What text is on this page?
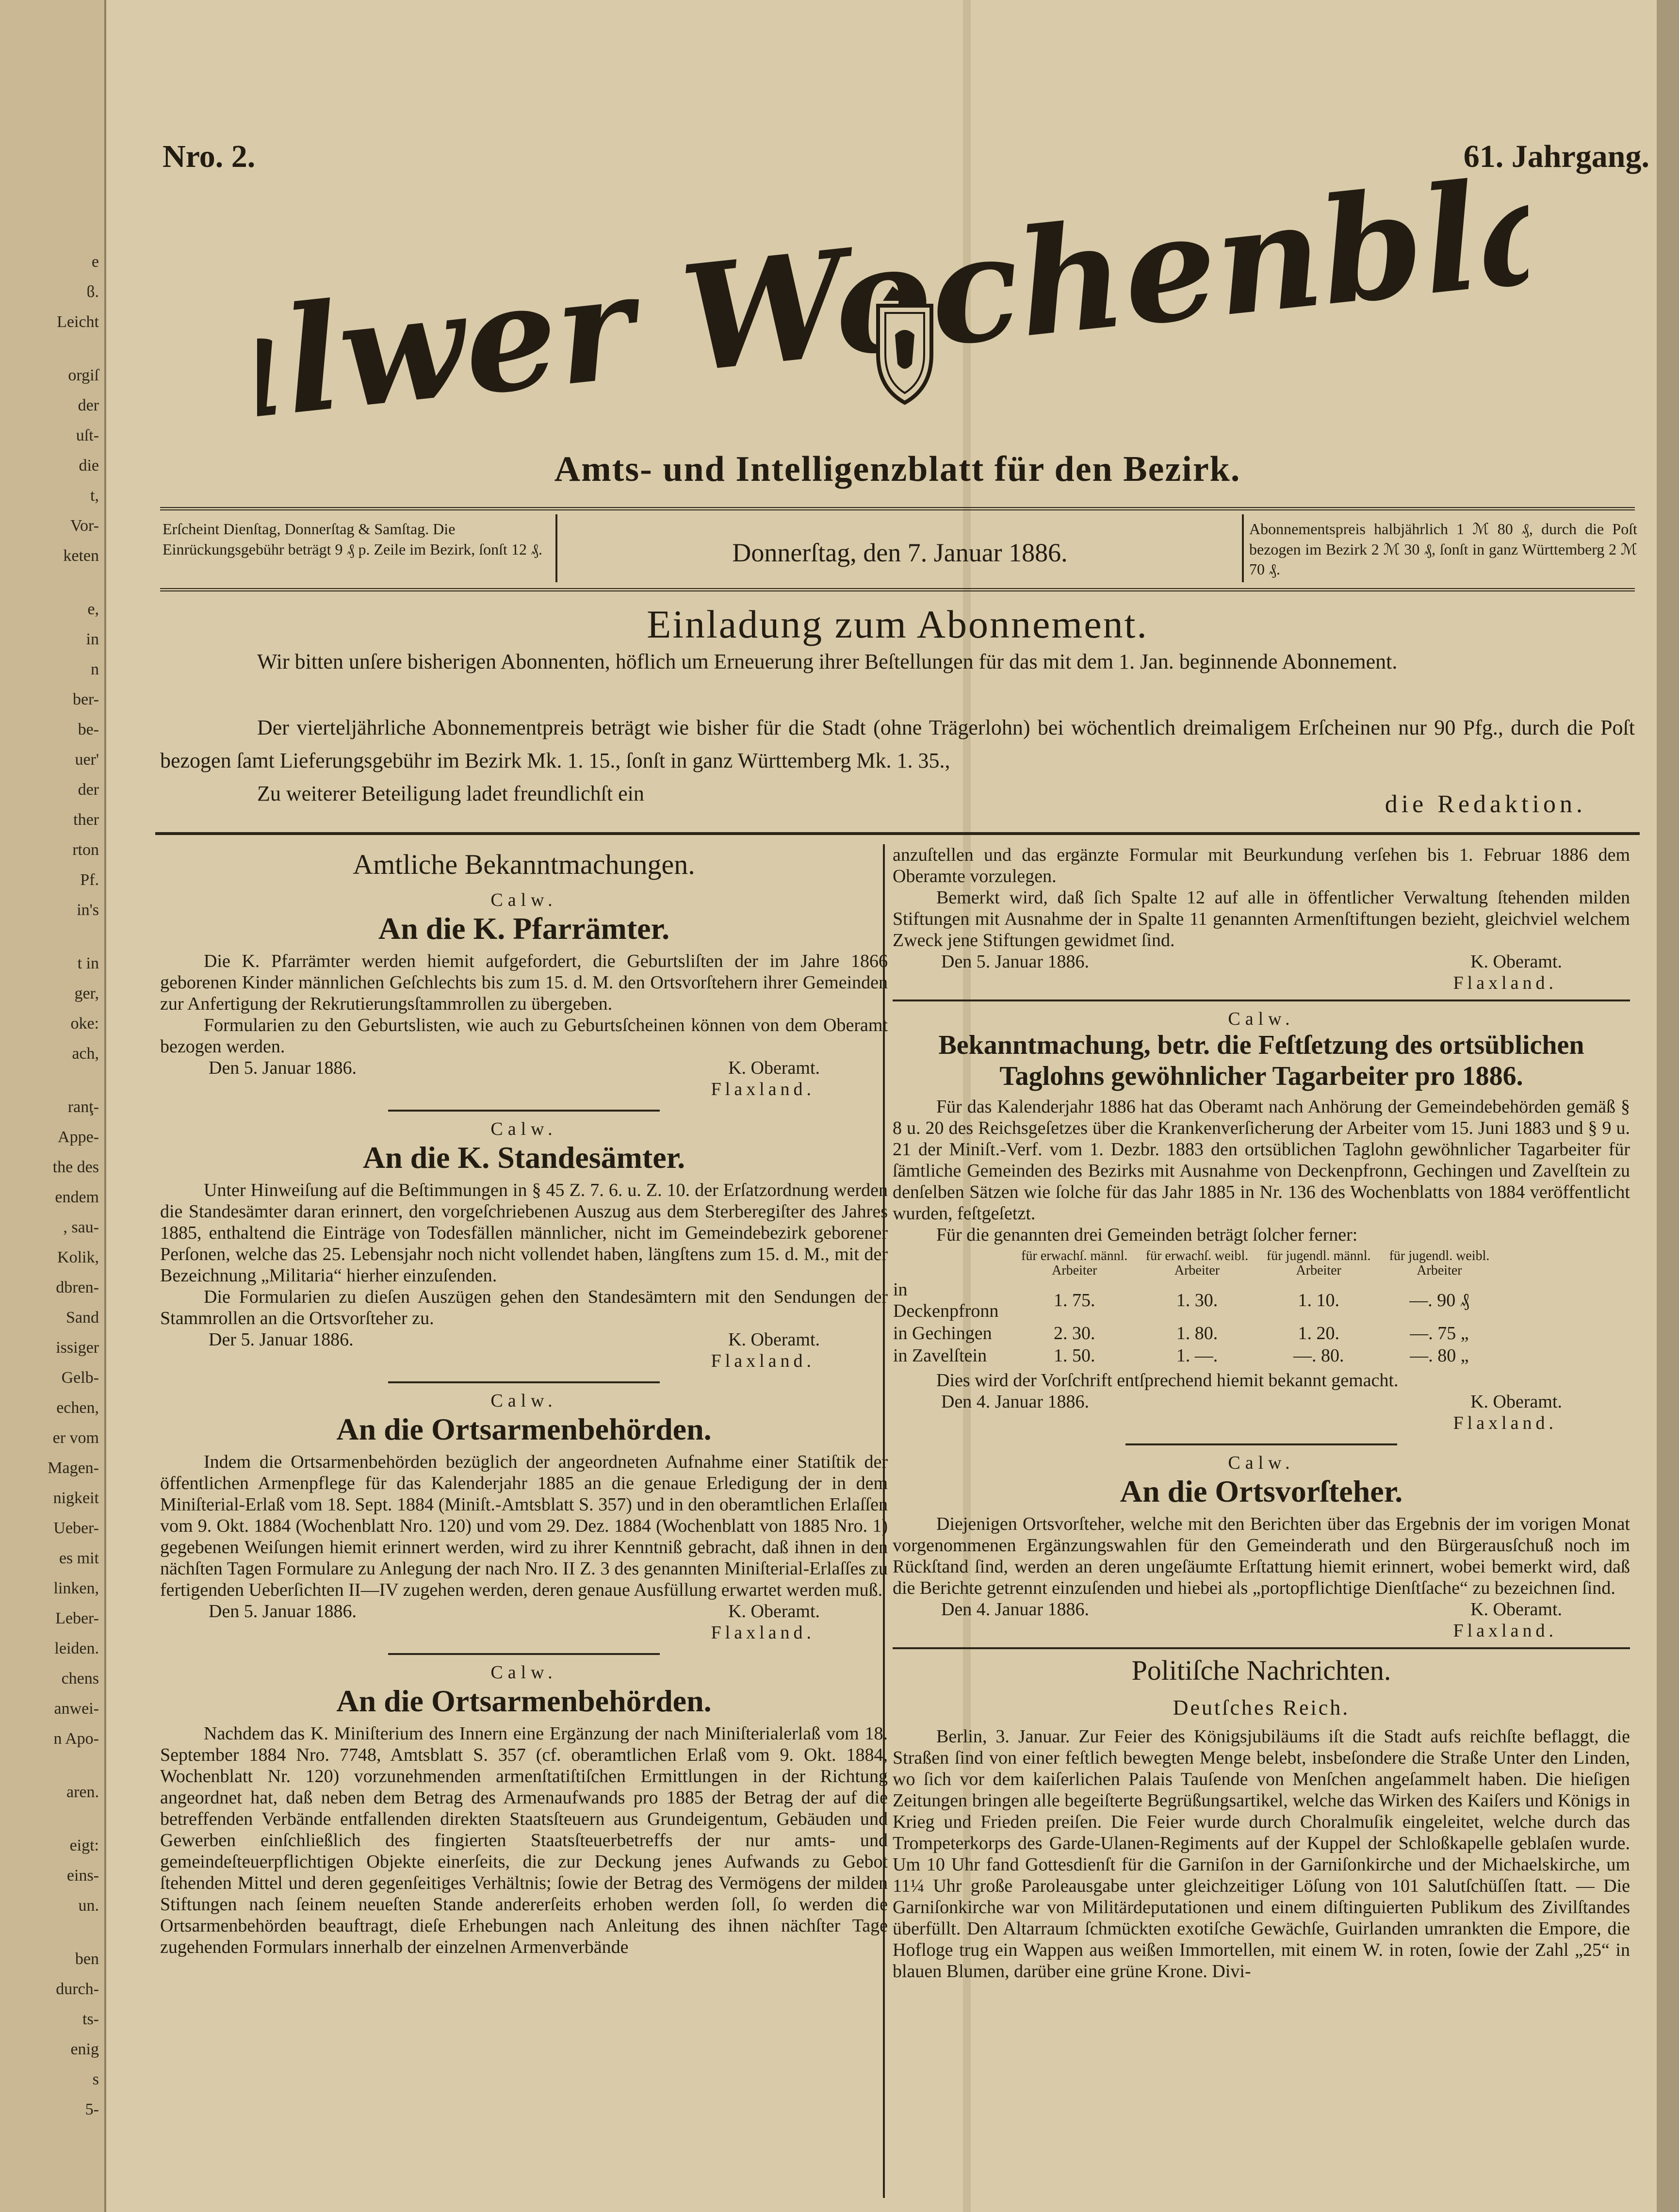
e
ϐ.
Leicht
orgiſ
der
uſt-
die
t,
Vor-
keten
e,
in
n
ber-
be-
uer'
der
ther
rton
Pf.
in's
t in
ger,
oke:
ach,
ranţ-
Appe-
the des
endem
, sau-
Kolik,
dbren-
Sand
issiger
Gelb-
echen,
er vom
Magen-
nigkeit
Ueber-
es mit
linken,
Leber-
leiden.
chens
anwei-
n Apo-
aren.
eigt:
eins-
un.
ben
durch-
ts-
enig
s
5-
Nro. 2.	61. Jahrgang.
Calwer Wochenblatt
Amts- und Intelligenzblatt für den Bezirk.
Erſcheint Dienſtag, Donnerſtag & Samſtag. Die Einrückungsgebühr beträgt 9 ₰ p. Zeile im Bezirk, ſonſt 12 ₰.	Donnerſtag, den 7. Januar 1886.
Abonnementspreis halbjährlich 1 ℳ 80 ₰, durch die Poſt bezogen im Bezirk 2 ℳ 30 ₰, ſonſt in ganz Württemberg 2 ℳ 70 ₰.
Einladung zum Abonnement.
Wir bitten unſere bisherigen Abonnenten, höflich um Erneuerung ihrer Beſtellungen für das mit dem 1. Jan. beginnende Abonnement.
Der vierteljährliche Abonnementpreis beträgt wie bisher für die Stadt (ohne Trägerlohn) bei wöchentlich dreimaligem Erſcheinen nur 90 Pfg., durch die Poſt bezogen ſamt Lieferungsgebühr im Bezirk Mk. 1. 15., ſonſt in ganz Württemberg Mk. 1. 35.,
Zu weiterer Beteiligung ladet freundlichſt ein	die Redaktion.
Amtliche Bekanntmachungen.
Calw.
An die K. Pfarrämter.

Die K. Pfarrämter werden hiemit aufgefordert, die Geburtsliſten der im Jahre 1866 geborenen Kinder männlichen Geſchlechts bis zum 15. d. M. den Ortsvorſtehern ihrer Gemeinden zur Anfertigung der Rekrutierungsſtammrollen zu übergeben.

Formularien zu den Geburtslisten, wie auch zu Geburtsſcheinen können von dem Oberamt bezogen werden.

Den 5. Januar 1886.	K. Oberamt.
Flaxland.
Calw.
An die K. Standesämter.

Unter Hinweiſung auf die Beſtimmungen in § 45 Z. 7. 6. u. Z. 10. der Erſatzordnung werden die Standesämter daran erinnert, den vorgeſchriebenen Auszug aus dem Sterberegiſter des Jahres 1885, enthaltend die Einträge von Todesfällen männlicher, nicht im Gemeindebezirk geborener Perſonen, welche das 25. Lebensjahr noch nicht vollendet haben, längſtens zum 15. d. M., mit der Bezeichnung „Militaria“ hierher einzuſenden.

Die Formularien zu dieſen Auszügen gehen den Standesämtern mit den Sendungen der Stammrollen an die Ortsvorſteher zu.

Der 5. Januar 1886.	K. Oberamt.
Flaxland.
Calw.
An die Ortsarmenbehörden.

Indem die Ortsarmenbehörden bezüglich der angeordneten Aufnahme einer Statiſtik der öffentlichen Armenpflege für das Kalenderjahr 1885 an die genaue Erledigung der in dem Miniſterial-Erlaß vom 18. Sept. 1884 (Miniſt.-Amtsblatt S. 357) und in den oberamtlichen Erlaſſen vom 9. Okt. 1884 (Wochenblatt Nro. 120) und vom 29. Dez. 1884 (Wochenblatt von 1885 Nro. 1) gegebenen Weiſungen hiemit erinnert werden, wird zu ihrer Kenntniß gebracht, daß ihnen in den nächſten Tagen Formulare zu Anlegung der nach Nro. II Z. 3 des genannten Miniſterial-Erlaſſes zu fertigenden Ueberſichten II—IV zugehen werden, deren genaue Ausfüllung erwartet werden muß.

Den 5. Januar 1886.	K. Oberamt.
Flaxland.
Calw.
An die Ortsarmenbehörden.

Nachdem das K. Miniſterium des Innern eine Ergänzung der nach Miniſterialerlaß vom 18. September 1884 Nro. 7748, Amtsblatt S. 357 (cf. oberamtlichen Erlaß vom 9. Okt. 1884, Wochenblatt Nr. 120) vorzunehmenden armenſtatiſtiſchen Ermittlungen in der Richtung angeordnet hat, daß neben dem Betrag des Armenaufwands pro 1885 der Betrag der auf die betreffenden Verbände entfallenden direkten Staatsſteuern aus Grundeigentum, Gebäuden und Gewerben einſchließlich des fingierten Staatsſteuerbetreffs der nur amts- und gemeindeſteuerpflichtigen Objekte einerſeits, die zur Deckung jenes Aufwands zu Gebot ſtehenden Mittel und deren gegenſeitiges Verhältnis; ſowie der Betrag des Vermögens der milden Stiftungen nach ſeinem neueſten Stande andererſeits erhoben werden ſoll, ſo werden die Ortsarmenbehörden beauftragt, dieſe Erhebungen nach Anleitung des ihnen nächſter Tage zugehenden Formulars innerhalb der einzelnen Armenverbände

anzuſtellen und das ergänzte Formular mit Beurkundung verſehen bis 1. Februar 1886 dem Oberamte vorzulegen.

Bemerkt wird, daß ſich Spalte 12 auf alle in öffentlicher Verwaltung ſtehenden milden Stiftungen mit Ausnahme der in Spalte 11 genannten Armenſtiftungen bezieht, gleichviel welchem Zweck jene Stiftungen gewidmet ſind.

Den 5. Januar 1886.	K. Oberamt.
Flaxland.
Calw.
Bekanntmachung, betr. die Feſtſetzung des ortsüblichen Taglohns gewöhnlicher Tagarbeiter pro 1886.

Für das Kalenderjahr 1886 hat das Oberamt nach Anhörung der Gemeindebehörden gemäß § 8 u. 20 des Reichsgeſetzes über die Krankenverſicherung der Arbeiter vom 15. Juni 1883 und § 9 u. 21 der Miniſt.-Verf. vom 1. Dezbr. 1883 den ortsüblichen Taglohn gewöhnlicher Tagarbeiter für ſämtliche Gemeinden des Bezirks mit Ausnahme von Deckenpfronn, Gechingen und Zavelſtein zu denſelben Sätzen wie ſolche für das Jahr 1885 in Nr. 136 des Wochenblatts von 1884 veröffentlicht wurden, feſtgeſetzt.

Für die genannten drei Gemeinden beträgt ſolcher ferner:

	für erwachſ. männl. Arbeiter	für erwachſ. weibl. Arbeiter	für jugendl. männl. Arbeiter	für jugendl. weibl. Arbeiter
in Deckenpfronn	1. 75.	1. 30.	1. 10.	—. 90 ₰
in Gechingen	2. 30.	1. 80.	1. 20.	—. 75 „
in Zavelſtein	1. 50.	1. —.	—. 80.	—. 80 „

Dies wird der Vorſchrift entſprechend hiemit bekannt gemacht.

Den 4. Januar 1886.	K. Oberamt.
Flaxland.
Calw.
An die Ortsvorſteher.

Diejenigen Ortsvorſteher, welche mit den Berichten über das Ergebnis der im vorigen Monat vorgenommenen Ergänzungswahlen für den Gemeinderath und den Bürgerausſchuß noch im Rückſtand ſind, werden an deren ungeſäumte Erſtattung hiemit erinnert, wobei bemerkt wird, daß die Berichte getrennt einzuſenden und hiebei als „portopflichtige Dienſtſache“ zu bezeichnen ſind.

Den 4. Januar 1886.	K. Oberamt.
Flaxland.
Politiſche Nachrichten.
Deutſches Reich.

Berlin, 3. Januar. Zur Feier des Königsjubiläums iſt die Stadt aufs reichſte beflaggt, die Straßen ſind von einer feſtlich bewegten Menge belebt, insbeſondere die Straße Unter den Linden, wo ſich vor dem kaiſerlichen Palais Tauſende von Menſchen angeſammelt haben. Die hieſigen Zeitungen bringen alle begeiſterte Begrüßungsartikel, welche das Wirken des Kaiſers und Königs in Krieg und Frieden preiſen. Die Feier wurde durch Choralmuſik eingeleitet, welche durch das Trompeterkorps des Garde-Ulanen-Regiments auf der Kuppel der Schloßkapelle geblaſen wurde. Um 10 Uhr fand Gottesdienſt für die Garniſon in der Garniſonkirche und der Michaelskirche, um 11¼ Uhr große Paroleausgabe unter gleichzeitiger Löſung von 101 Salutſchüſſen ſtatt. — Die Garniſonkirche war von Militärdeputationen und einem diſtinguierten Publikum des Zivilſtandes überfüllt. Den Altarraum ſchmückten exotiſche Gewächſe, Guirlanden umrankten die Empore, die Hofloge trug ein Wappen aus weißen Immortellen, mit einem W. in roten, ſowie der Zahl „25“ in blauen Blumen, darüber eine grüne Krone. Divi-
